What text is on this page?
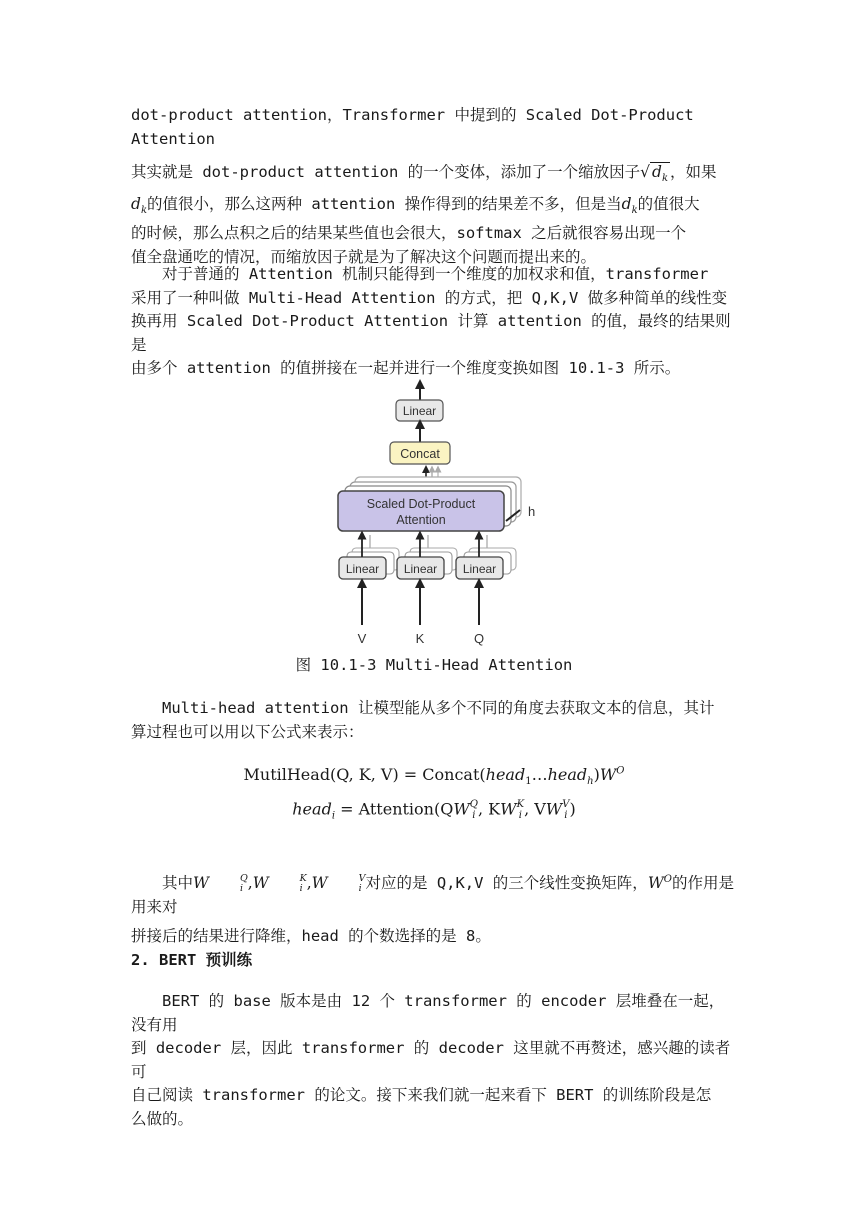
dot-product attention，Transformer 中提到的 Scaled Dot-Product Attention
其实就是 dot-product attention 的一个变体，添加了一个缩放因子√ $d_k$ ，如果
$d_k$的值很小，那么这两种 attention 操作得到的结果差不多，但是当$d_k$的值很大
的时候，那么点积之后的结果某些值也会很大，softmax 之后就很容易出现一个
值全盘通吃的情况，而缩放因子就是为了解决这个问题而提出来的。
对于普通的 Attention 机制只能得到一个维度的加权求和值，transformer
采用了一种叫做 Multi-Head Attention 的方式，把 Q,K,V 做多种简单的线性变
换再用 Scaled Dot-Product Attention 计算 attention 的值，最终的结果则是
由多个 attention 的值拼接在一起并进行一个维度变换如图 10.1-3 所示。
Linear
Concat
Scaled Dot-Product
Attention
h
Linear Linear Linear
V	K	Q
图 10.1-3 Multi-Head Attention
Multi-head attention 让模型能从多个不同的角度去获取文本的信息，其计
算过程也可以用以下公式来表示：
MutilHead(Q, K, $V) = Concat(head_1\dots head_h)W^O$
head$_i$ = Attention(QW Q
i , KW K
i , VW V
i )
其中W	Q
i ,W	K
i ,W	V
i 对应的是 Q,K,V 的三个线性变换矩阵，$W^O$的作用是用来对
拼接后的结果进行降维，head 的个数选择的是 8。
2. BERT 预训练
BERT 的 base 版本是由 12 个 transformer 的 encoder 层堆叠在一起，没有用
到 decoder 层，因此 transformer 的 decoder 这里就不再赘述，感兴趣的读者可
自己阅读 transformer 的论文。接下来我们就一起来看下 BERT 的训练阶段是怎
么做的。
